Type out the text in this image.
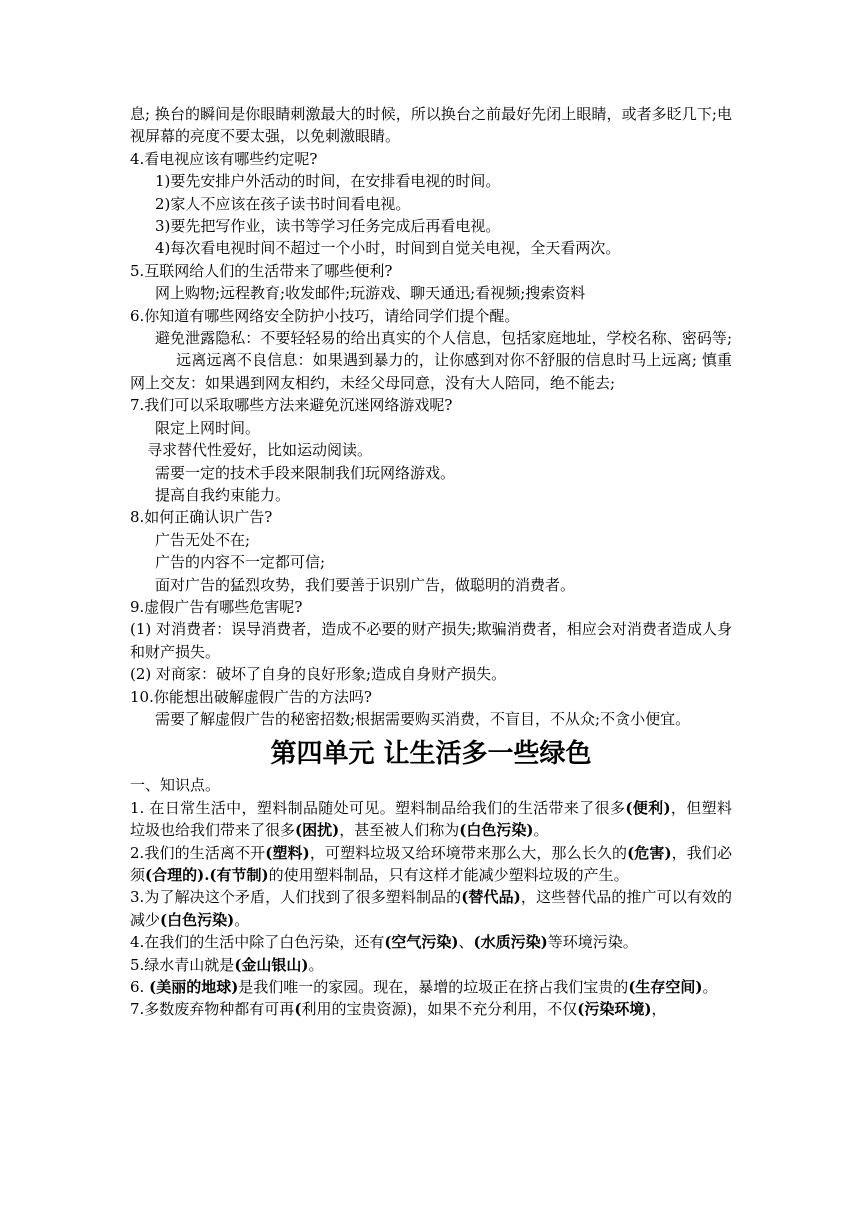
息; 换台的瞬间是你眼睛刺激最大的时候，所以换台之前最好先闭上眼睛，或者多眨几下;电视屏幕的亮度不要太强，以免刺激眼睛。

4.看电视应该有哪些约定呢?

1)要先安排户外活动的时间，在安排看电视的时间。

2)家人不应该在孩子读书时间看电视。

3)要先把写作业，读书等学习任务完成后再看电视。

4)每次看电视时间不超过一个小时，时间到自觉关电视，全天看两次。

5.互联网给人们的生活带来了哪些便利?

网上购物;远程教育;收发邮件;玩游戏、聊天通迅;看视频;搜索资料

6.你知道有哪些网络安全防护小技巧，请给同学们提个醒。

避免泄露隐私：不要轻轻易的给出真实的个人信息，包括家庭地址，学校名称、密码等;远离远离不良信息：如果遇到暴力的，让你感到对你不舒服的信息时马上远离; 慎重网上交友：如果遇到网友相约，未经父母同意，没有大人陪同，绝不能去;

7.我们可以采取哪些方法来避免沉迷网络游戏呢?

限定上网时间。

寻求替代性爱好，比如运动阅读。

需要一定的技术手段来限制我们玩网络游戏。

提高自我约束能力。

8.如何正确认识广告?

广告无处不在;

广告的内容不一定都可信;

面对广告的猛烈攻势，我们要善于识别广告，做聪明的消费者。

9.虚假广告有哪些危害呢?

(1) 对消费者：误导消费者，造成不必要的财产损失;欺骗消费者，相应会对消费者造成人身和财产损失。

(2) 对商家：破坏了自身的良好形象;造成自身财产损失。

10.你能想出破解虚假广告的方法吗?

需要了解虚假广告的秘密招数;根据需要购买消费，不盲目，不从众;不贪小便宜。

第四单元 让生活多一些绿色

一、知识点。

1. 在日常生活中，塑料制品随处可见。塑料制品给我们的生活带来了很多(便利)，但塑料垃圾也给我们带来了很多(困扰)，甚至被人们称为(白色污染)。

2.我们的生活离不开(塑料)，可塑料垃圾又给环境带来那么大，那么长久的(危害)，我们必须(合理的).(有节制)的使用塑料制品，只有这样才能减少塑料垃圾的产生。

3.为了解决这个矛盾，人们找到了很多塑料制品的(替代品)，这些替代品的推广可以有效的减少(白色污染)。

4.在我们的生活中除了白色污染，还有(空气污染)、(水质污染)等环境污染。

5.绿水青山就是(金山银山)。

6. (美丽的地球)是我们唯一的家园。现在，暴增的垃圾正在挤占我们宝贵的(生存空间)。

7.多数废弃物种都有可再(利用的宝贵资源)，如果不充分利用，不仅(污染环境)，
